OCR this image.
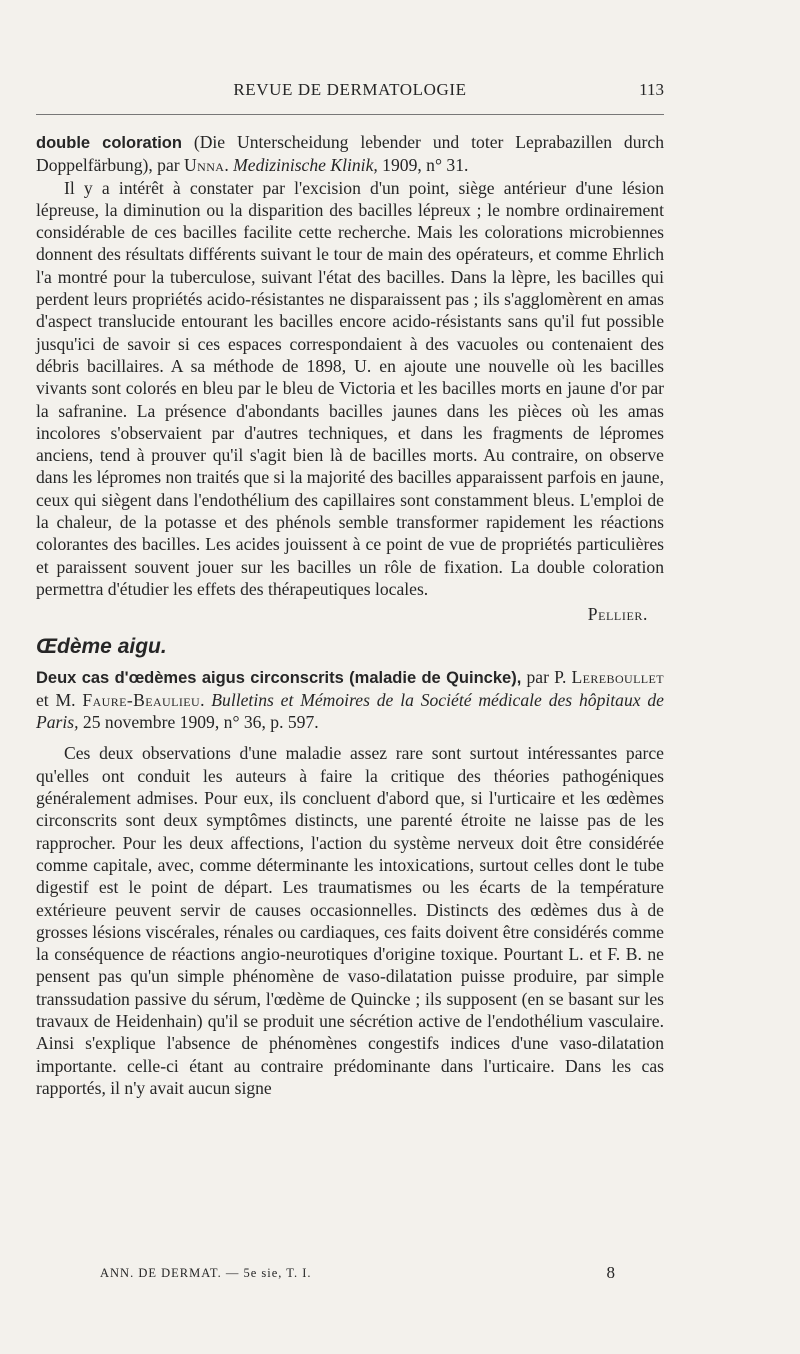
REVUE DE DERMATOLOGIE	113

double coloration (Die Unterscheidung lebender und toter Leprabazillen durch Doppelfärbung), par Unna. Medizinische Klinik, 1909, n° 31.

Il y a intérêt à constater par l'excision d'un point, siège antérieur d'une lésion lépreuse, la diminution ou la disparition des bacilles lépreux ; le nombre ordinairement considérable de ces bacilles facilite cette recherche. Mais les colorations microbiennes donnent des résultats différents suivant le tour de main des opérateurs, et comme Ehrlich l'a montré pour la tuberculose, suivant l'état des bacilles. Dans la lèpre, les bacilles qui perdent leurs propriétés acido-résistantes ne disparaissent pas ; ils s'agglomèrent en amas d'aspect translucide entourant les bacilles encore acido-résistants sans qu'il fut possible jusqu'ici de savoir si ces espaces correspondaient à des vacuoles ou contenaient des débris bacillaires. A sa méthode de 1898, U. en ajoute une nouvelle où les bacilles vivants sont colorés en bleu par le bleu de Victoria et les bacilles morts en jaune d'or par la safranine. La présence d'abondants bacilles jaunes dans les pièces où les amas incolores s'observaient par d'autres techniques, et dans les fragments de lépromes anciens, tend à prouver qu'il s'agit bien là de bacilles morts. Au contraire, on observe dans les lépromes non traités que si la majorité des bacilles apparaissent parfois en jaune, ceux qui siègent dans l'endothélium des capillaires sont constamment bleus. L'emploi de la chaleur, de la potasse et des phénols semble transformer rapidement les réactions colorantes des bacilles. Les acides jouissent à ce point de vue de propriétés particulières et paraissent souvent jouer sur les bacilles un rôle de fixation. La double coloration permettra d'étudier les effets des thérapeutiques locales.

Pellier.
Œdème aigu.

Deux cas d'œdèmes aigus circonscrits (maladie de Quincke), par P. Lereboullet et M. Faure-Beaulieu. Bulletins et Mémoires de la Société médicale des hôpitaux de Paris, 25 novembre 1909, n° 36, p. 597.

Ces deux observations d'une maladie assez rare sont surtout intéressantes parce qu'elles ont conduit les auteurs à faire la critique des théories pathogéniques généralement admises. Pour eux, ils concluent d'abord que, si l'urticaire et les œdèmes circonscrits sont deux symptômes distincts, une parenté étroite ne laisse pas de les rapprocher. Pour les deux affections, l'action du système nerveux doit être considérée comme capitale, avec, comme déterminante les intoxications, surtout celles dont le tube digestif est le point de départ. Les traumatismes ou les écarts de la température extérieure peuvent servir de causes occasionnelles. Distincts des œdèmes dus à de grosses lésions viscérales, rénales ou cardiaques, ces faits doivent être considérés comme la conséquence de réactions angio-neurotiques d'origine toxique. Pourtant L. et F. B. ne pensent pas qu'un simple phénomène de vaso-dilatation puisse produire, par simple transsudation passive du sérum, l'œdème de Quincke ; ils supposent (en se basant sur les travaux de Heidenhain) qu'il se produit une sécrétion active de l'endothélium vasculaire. Ainsi s'explique l'absence de phénomènes congestifs indices d'une vaso-dilatation importante. celle-ci étant au contraire prédominante dans l'urticaire. Dans les cas rapportés, il n'y avait aucun signe

ANN. DE DERMAT. — 5e sie, T. I.	8
